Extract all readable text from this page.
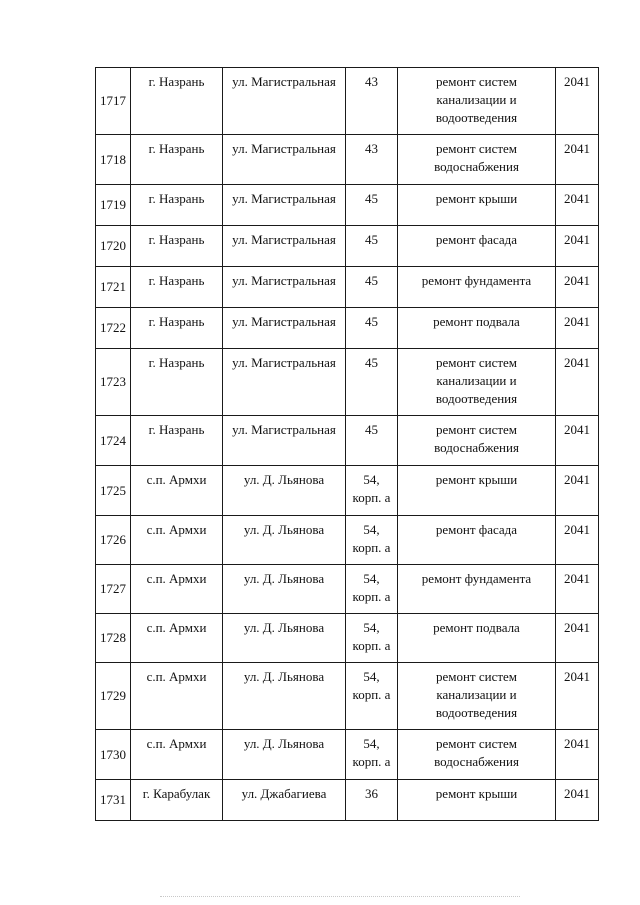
1717	г. Назрань	ул. Магистральная	43	ремонт систем канализации и водоотведения	2041
1718	г. Назрань	ул. Магистральная	43	ремонт систем водоснабжения	2041
1719	г. Назрань	ул. Магистральная	45	ремонт крыши	2041
1720	г. Назрань	ул. Магистральная	45	ремонт фасада	2041
1721	г. Назрань	ул. Магистральная	45	ремонт фундамента	2041
1722	г. Назрань	ул. Магистральная	45	ремонт подвала	2041
1723	г. Назрань	ул. Магистральная	45	ремонт систем канализации и водоотведения	2041
1724	г. Назрань	ул. Магистральная	45	ремонт систем водоснабжения	2041
1725	с.п. Армхи	ул. Д. Льянова	54, корп. а	ремонт крыши	2041
1726	с.п. Армхи	ул. Д. Льянова	54, корп. а	ремонт фасада	2041
1727	с.п. Армхи	ул. Д. Льянова	54, корп. а	ремонт фундамента	2041
1728	с.п. Армхи	ул. Д. Льянова	54, корп. а	ремонт подвала	2041
1729	с.п. Армхи	ул. Д. Льянова	54, корп. а	ремонт систем канализации и водоотведения	2041
1730	с.п. Армхи	ул. Д. Льянова	54, корп. а	ремонт систем водоснабжения	2041
1731	г. Карабулак	ул. Джабагиева	36	ремонт крыши	2041
